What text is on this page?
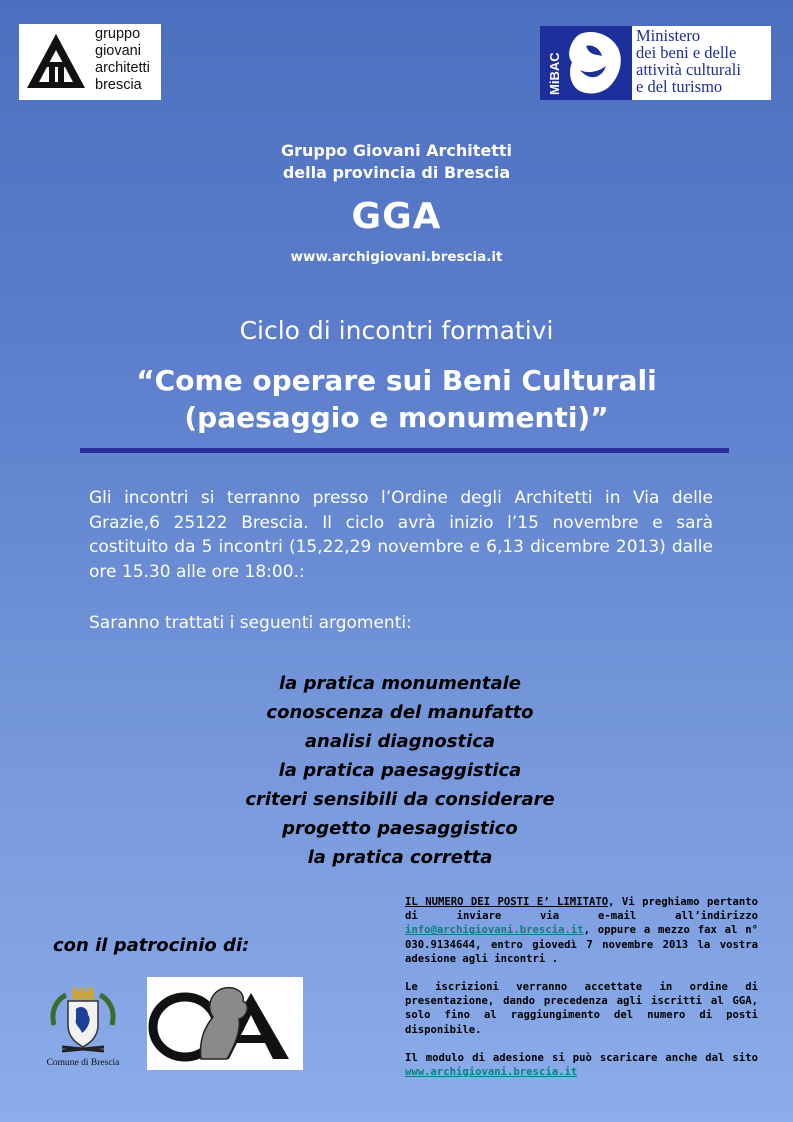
gruppo
giovani
architetti
brescia	MiBAC
Ministero
dei beni e delle
attività culturali
e del turismo
Gruppo Giovani Architetti
della provincia di Brescia
GGA
www.archigiovani.brescia.it
Ciclo di incontri formativi
“Come operare sui Beni Culturali
(paesaggio e monumenti)”
Gli incontri si terranno presso l’Ordine degli Architetti in Via delle Grazie,6 25122 Brescia. Il ciclo avrà inizio l’15 novembre e sarà costituito da 5 incontri (15,22,29 novembre e 6,13 dicembre 2013) dalle ore 15.30 alle ore 18:00.:
Saranno trattati i seguenti argomenti:
la pratica monumentale
conoscenza del manufatto
analisi diagnostica
la pratica paesaggistica
criteri sensibili da considerare
progetto paesaggistico
la pratica corretta
con il patrocinio di:
Comune di Brescia

IL NUMERO DEI POSTI E’ LIMITATO, Vi preghiamo pertanto di inviare via e-mail all’indirizzo info@archigiovani.brescia.it, oppure a mezzo fax al n° 030.9134644, entro giovedì 7 novembre 2013 la vostra adesione agli incontri .

Le iscrizioni verranno accettate in ordine di presentazione, dando precedenza agli iscritti al GGA, solo fino al raggiungimento del numero di posti disponibile.

Il modulo di adesione si può scaricare anche dal sito www.archigiovani.brescia.it
